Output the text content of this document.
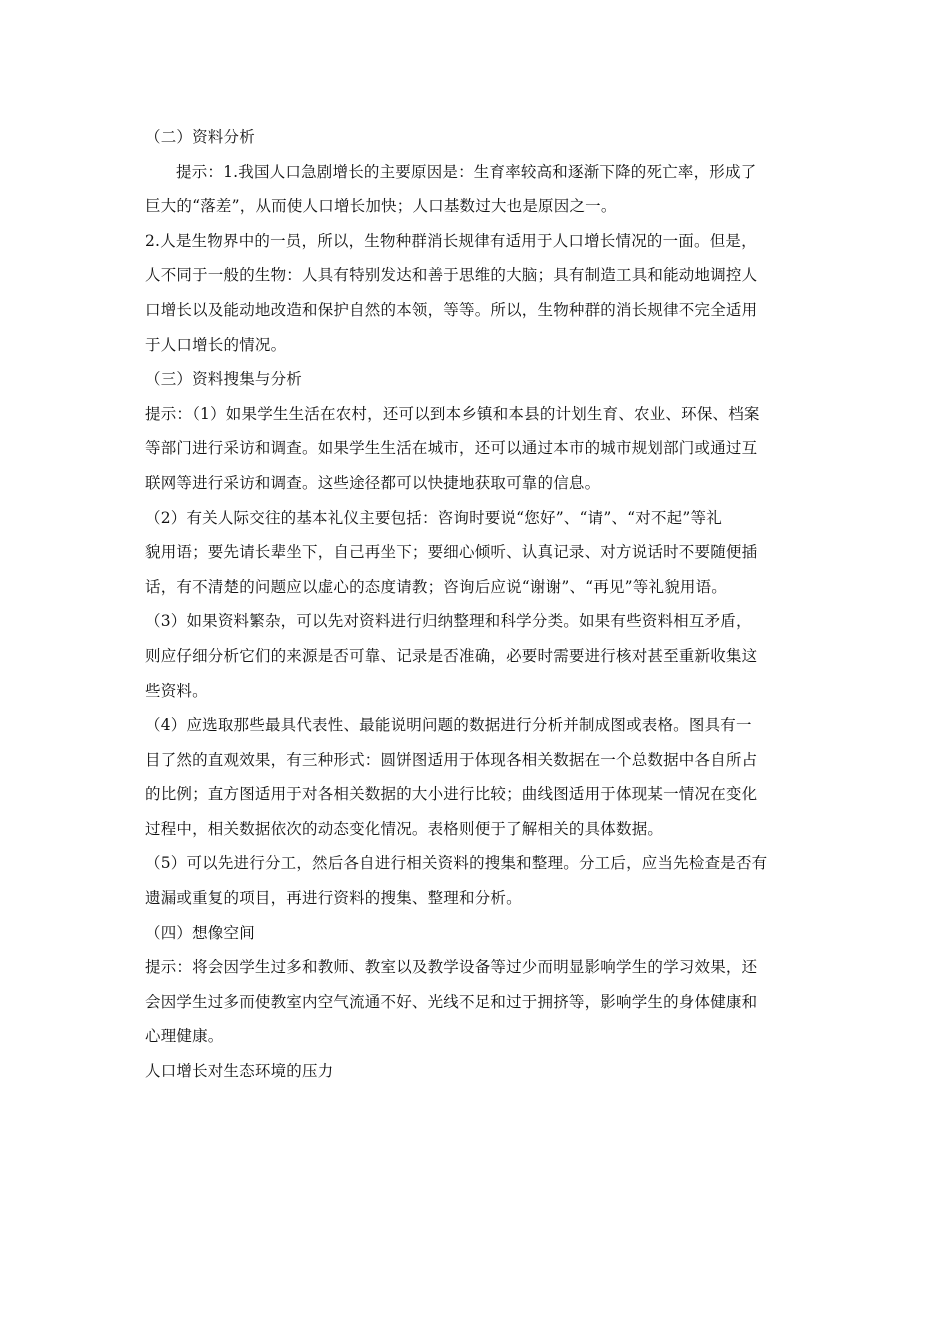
（二）资料分析
提示：1.我国人口急剧增长的主要原因是：生育率较高和逐渐下降的死亡率，形成了
巨大的“落差”，从而使人口增长加快；人口基数过大也是原因之一。
2.人是生物界中的一员，所以，生物种群消长规律有适用于人口增长情况的一面。但是，
人不同于一般的生物：人具有特别发达和善于思维的大脑；具有制造工具和能动地调控人
口增长以及能动地改造和保护自然的本领，等等。所以，生物种群的消长规律不完全适用
于人口增长的情况。
（三）资料搜集与分析
提示：（1）如果学生生活在农村，还可以到本乡镇和本县的计划生育、农业、环保、档案
等部门进行采访和调查。如果学生生活在城市，还可以通过本市的城市规划部门或通过互
联网等进行采访和调查。这些途径都可以快捷地获取可靠的信息。
（2）有关人际交往的基本礼仪主要包括：咨询时要说“您好”、“请”、“对不起”等礼
貌用语；要先请长辈坐下，自己再坐下；要细心倾听、认真记录、对方说话时不要随便插
话，有不清楚的问题应以虚心的态度请教；咨询后应说“谢谢”、“再见”等礼貌用语。
（3）如果资料繁杂，可以先对资料进行归纳整理和科学分类。如果有些资料相互矛盾，
则应仔细分析它们的来源是否可靠、记录是否准确，必要时需要进行核对甚至重新收集这
些资料。
（4）应选取那些最具代表性、最能说明问题的数据进行分析并制成图或表格。图具有一
目了然的直观效果，有三种形式：圆饼图适用于体现各相关数据在一个总数据中各自所占
的比例；直方图适用于对各相关数据的大小进行比较；曲线图适用于体现某一情况在变化
过程中，相关数据依次的动态变化情况。表格则便于了解相关的具体数据。
（5）可以先进行分工，然后各自进行相关资料的搜集和整理。分工后，应当先检查是否有
遗漏或重复的项目，再进行资料的搜集、整理和分析。
（四）想像空间
提示：将会因学生过多和教师、教室以及教学设备等过少而明显影响学生的学习效果，还
会因学生过多而使教室内空气流通不好、光线不足和过于拥挤等，影响学生的身体健康和
心理健康。
人口增长对生态环境的压力
